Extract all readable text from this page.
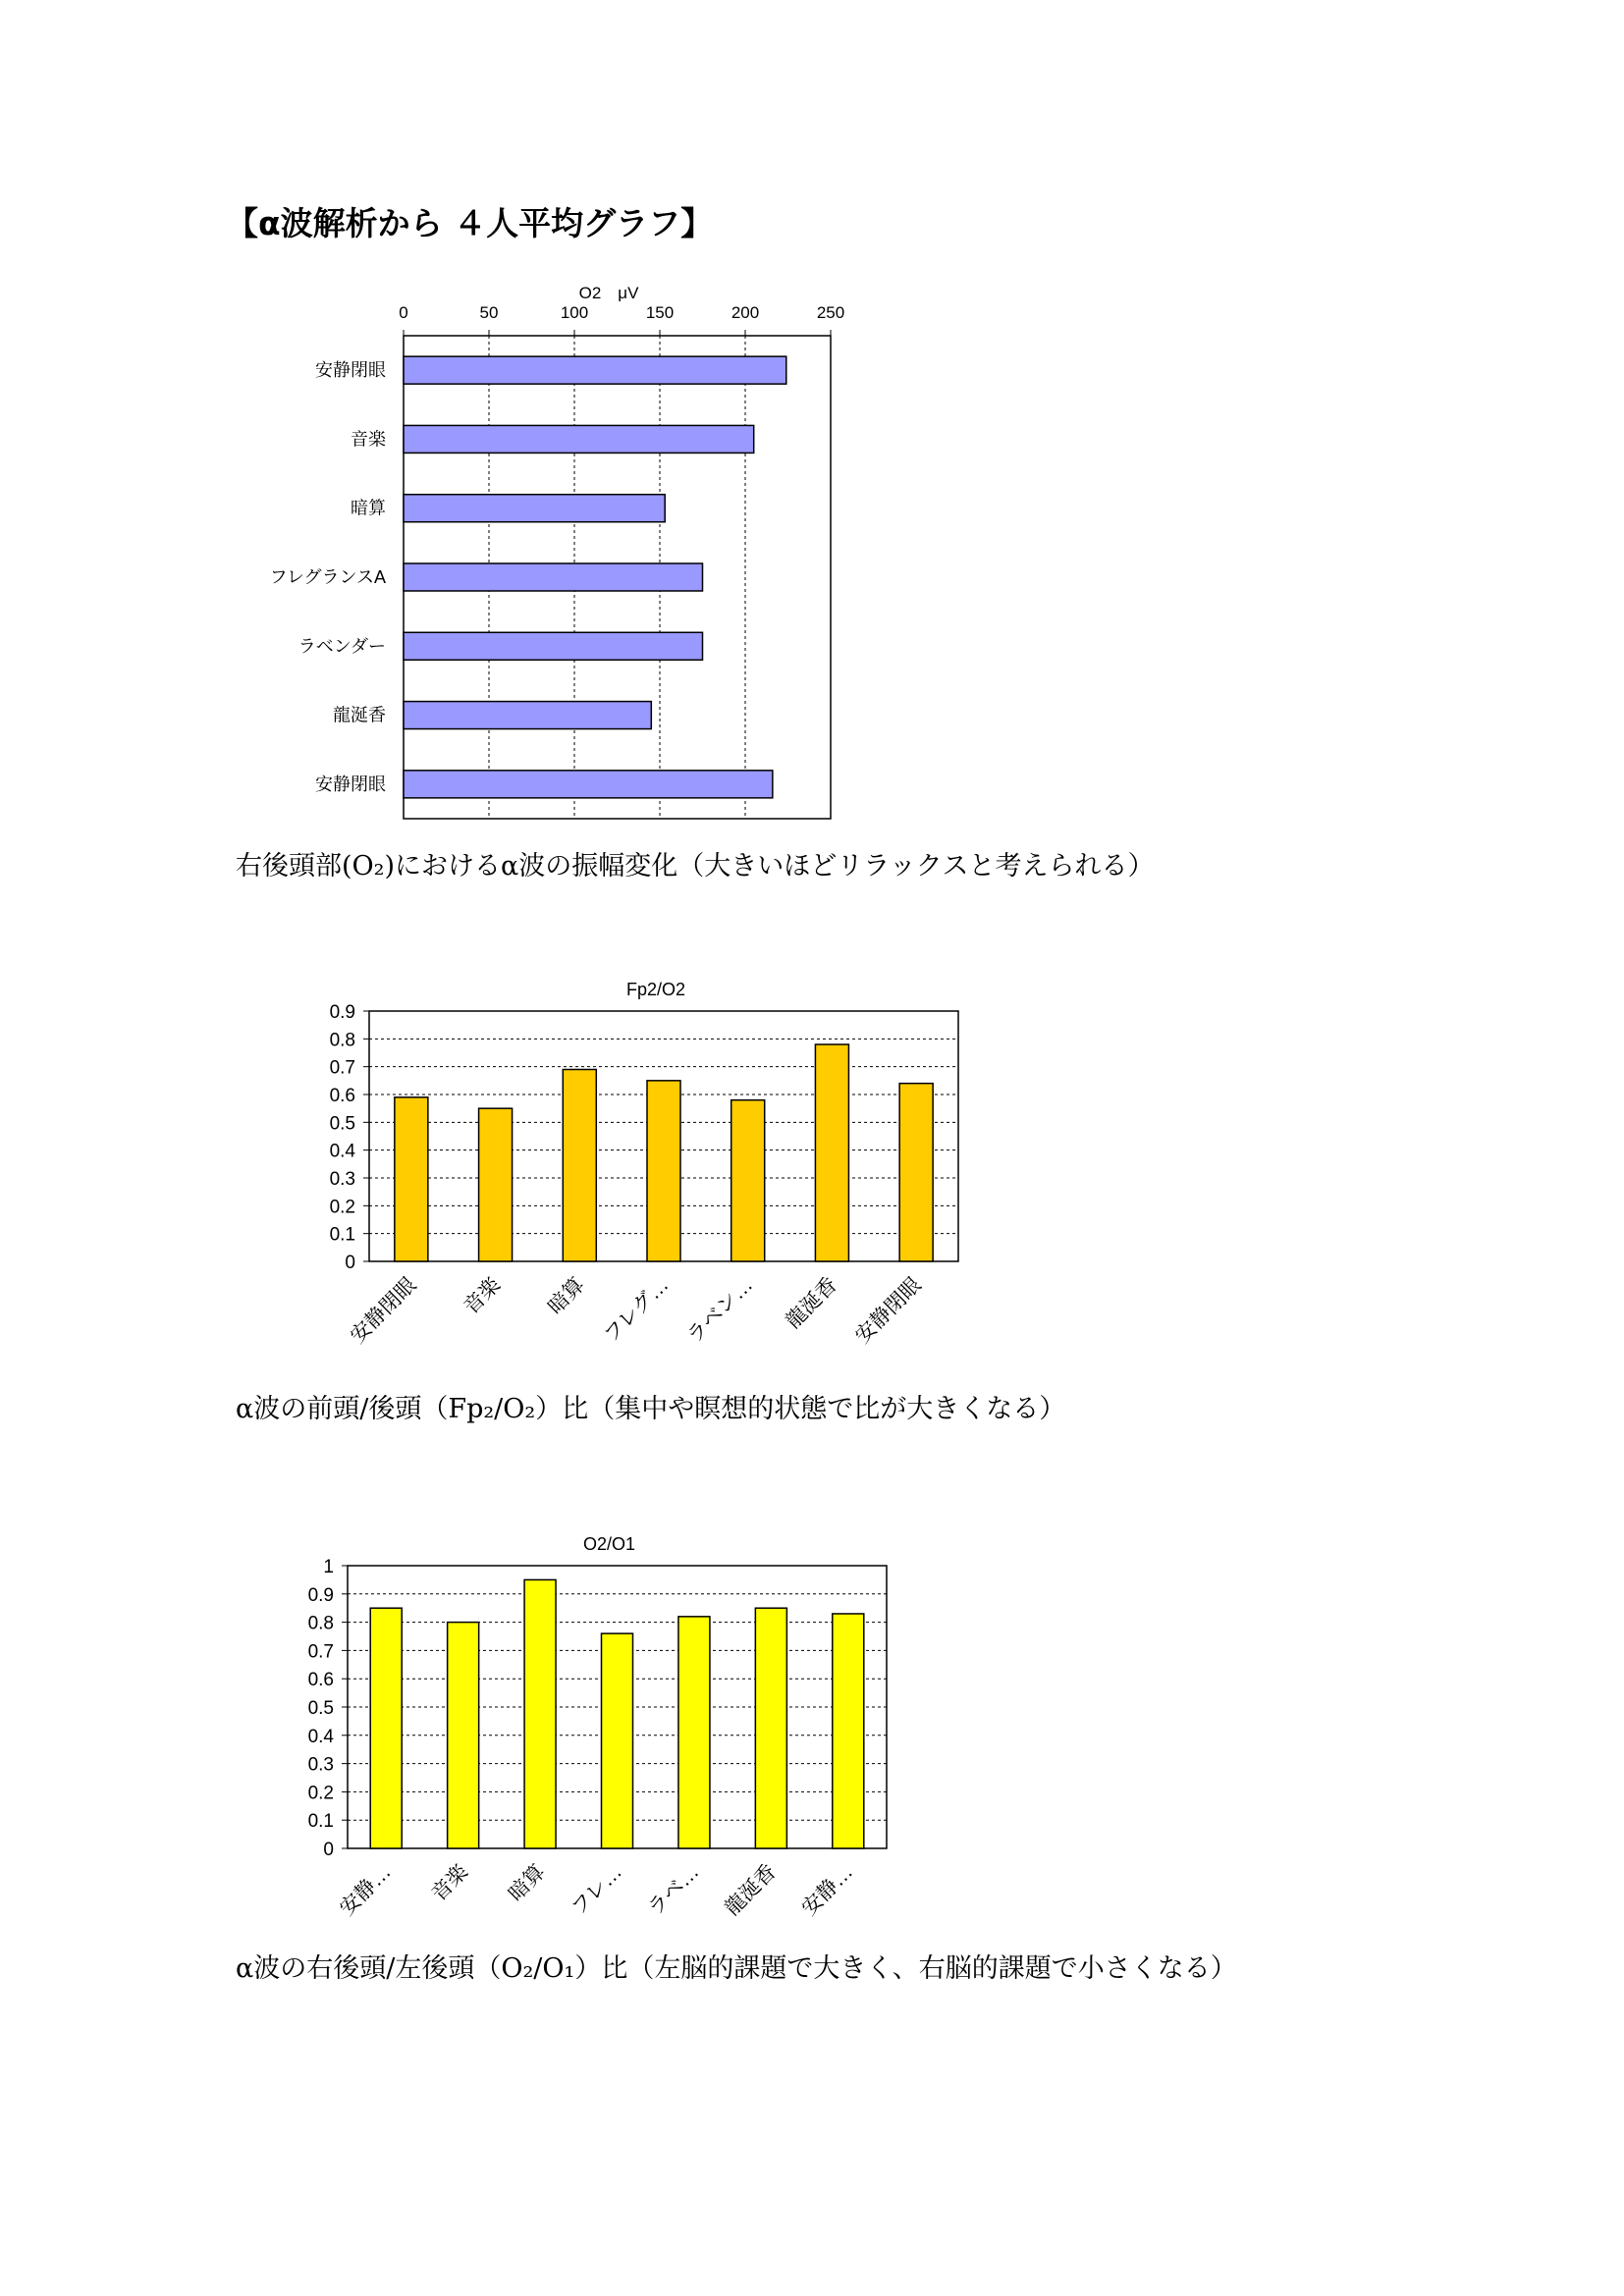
【α波解析から ４人平均グラフ】
0	50	100	150	200	250
O2　μV
安静閉眼
音楽
暗算
フレグランスA
ラベンダー
龍涎香
安静閉眼
0
0.1
0.2
0.3
0.4
0.5
0.6
0.7
0.8
0.9
Fp2/O2
安静閉眼 音楽 暗算 フレグ… ラベン… 龍涎香 安静閉眼
0
0.1
0.2
0.3
0.4
0.5
0.6
0.7
0.8
0.9
1
O2/O1
安静… 音楽 暗算 フレ… ラベ… 龍涎香 安静…
右後頭部(O₂)におけるα波の振幅変化（大きいほどリラックスと考えられる）
α波の前頭/後頭（Fp₂/O₂）比（集中や瞑想的状態で比が大きくなる）
α波の右後頭/左後頭（O₂/O₁）比（左脳的課題で大きく、右脳的課題で小さくなる）
